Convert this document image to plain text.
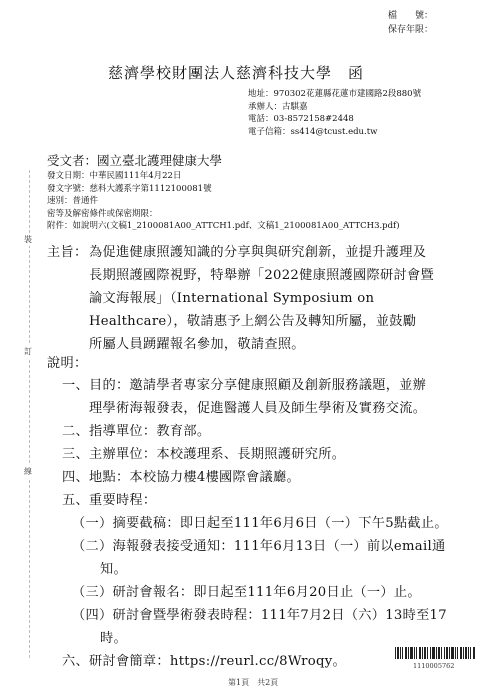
檔　　號：
保存年限：
慈濟學校財團法人慈濟科技大學　函
地址：970302花蓮縣花蓮市建國路2段880號
承辦人：古騏嘉
電話：03-8572158#2448
電子信箱：ss414@tcust.edu.tw
受文者：國立臺北護理健康大學
發文日期：中華民國111年4月22日
發文字號：慈科大護系字第1112100081號
速別：普通件
密等及解密條件或保密期限：
附件：如說明六(文稿1_2100081A00_ATTCH1.pdf、文稿1_2100081A00_ATTCH3.pdf)
裝
訂
線
主旨： 為促進健康照護知識的分享與與研究創新，並提升護理及
長期照護國際視野，特舉辦「2022健康照護國際研討會暨
論文海報展」（International Symposium on
Healthcare），敬請惠予上網公告及轉知所屬，並鼓勵
所屬人員踴躍報名參加，敬請查照。
說明：
一、目的：邀請學者專家分享健康照顧及創新服務議題，並辦
理學術海報發表，促進醫護人員及師生學術及實務交流。
二、指導單位：教育部。
三、主辦單位：本校護理系、長期照護研究所。
四、地點：本校協力樓4樓國際會議廳。
五、重要時程：
（一）摘要截稿：即日起至111年6月6日（一）下午5點截止。
（二）海報發表接受通知：111年6月13日（一）前以email通
知。
（三）研討會報名：即日起至111年6月20日止（一）止。
（四）研討會暨學術發表時程：111年7月2日（六）13時至17
時。
六、研討會簡章：https://reurl.cc/8Wroqy。
第1頁　共2頁
1110005762
